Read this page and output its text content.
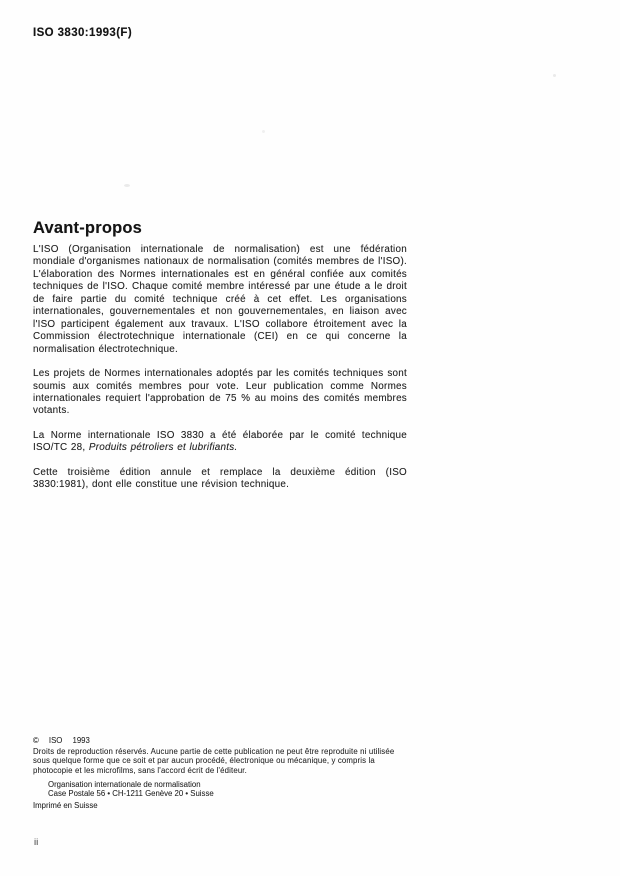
ISO 3830:1993(F)
Avant-propos

L'ISO (Organisation internationale de normalisation) est une fédération mondiale d'organismes nationaux de normalisation (comités membres de l'ISO). L'élaboration des Normes internationales est en général confiée aux comités techniques de l'ISO. Chaque comité membre intéressé par une étude a le droit de faire partie du comité technique créé à cet effet. Les organisations internationales, gouvernementales et non gouvernementales, en liaison avec l'ISO participent également aux travaux. L'ISO collabore étroitement avec la Commission électrotechnique internationale (CEI) en ce qui concerne la normalisation électrotechnique.

Les projets de Normes internationales adoptés par les comités techniques sont soumis aux comités membres pour vote. Leur publication comme Normes internationales requiert l'approbation de 75 % au moins des comités membres votants.

La Norme internationale ISO 3830 a été élaborée par le comité technique ISO/TC 28, Produits pétroliers et lubrifiants.

Cette troisième édition annule et remplace la deuxième édition (ISO 3830:1981), dont elle constitue une révision technique.

© ISO 1993

Droits de reproduction réservés. Aucune partie de cette publication ne peut être reproduite ni utilisée sous quelque forme que ce soit et par aucun procédé, électronique ou mécanique, y compris la photocopie et les microfilms, sans l'accord écrit de l'éditeur.

Organisation internationale de normalisation
Case Postale 56 • CH-1211 Genève 20 • Suisse
Imprimé en Suisse
ii
